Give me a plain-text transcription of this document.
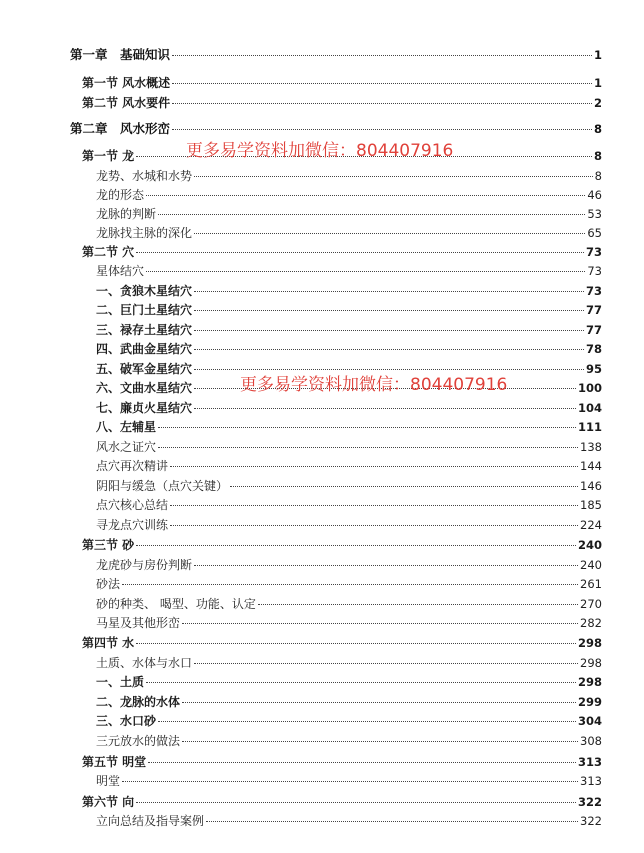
第一章　基础知识	1
第一节 风水概述	1
第二节 风水要件	2
第二章　风水形峦	8
第一节 龙	8
龙势、水城和水势	8
龙的形态	46
龙脉的判断	53
龙脉找主脉的深化	65
第二节 穴	73
星体结穴	73
一、贪狼木星结穴	73
二、巨门土星结穴	77
三、禄存土星结穴	77
四、武曲金星结穴	78
五、破军金星结穴	95
六、文曲水星结穴	100
七、廉贞火星结穴	104
八、左辅星	111
风水之证穴	138
点穴再次精讲	144
阴阳与缓急（点穴关键）	146
点穴核心总结	185
寻龙点穴训练	224
第三节 砂	240
龙虎砂与房份判断	240
砂法	261
砂的种类、 喝型、功能、认定	270
马星及其他形峦	282
第四节 水	298
土质、水体与水口	298
一、土质	298
二、龙脉的水体	299
三、水口砂	304
三元放水的做法	308
第五节 明堂	313
明堂	313
第六节 向	322
立向总结及指导案例	322
更多易学资料加微信：804407916
更多易学资料加微信：804407916
